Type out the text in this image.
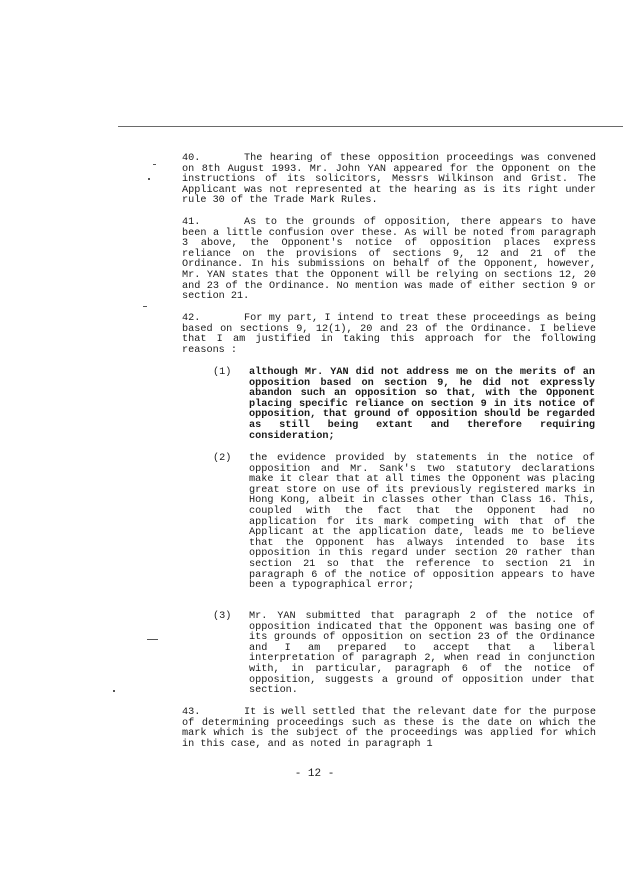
40.	The hearing of these opposition proceedings was convened on 8th August 1993. Mr. John YAN appeared for the Opponent on the instructions of its solicitors, Messrs Wilkinson and Grist. The Applicant was not represented at the hearing as is its right under rule 30 of the Trade Mark Rules.
41.	As to the grounds of opposition, there appears to have been a little confusion over these. As will be noted from paragraph 3 above, the Opponent's notice of opposition places express reliance on the provisions of sections 9, 12 and 21 of the Ordinance. In his submissions on behalf of the Opponent, however, Mr. YAN states that the Opponent will be relying on sections 12, 20 and 23 of the Ordinance. No mention was made of either section 9 or section 21.
42.	For my part, I intend to treat these proceedings as being based on sections 9, 12(1), 20 and 23 of the Ordinance. I believe that I am justified in taking this approach for the following reasons :
(1)	although Mr. YAN did not address me on the merits of an opposition based on section 9, he did not expressly abandon such an opposition so that, with the Opponent placing specific reliance on section 9 in its notice of opposition, that ground of opposition should be regarded as still being extant and therefore requiring consideration;
(2)	the evidence provided by statements in the notice of opposition and Mr. Sank's two statutory declarations make it clear that at all times the Opponent was placing great store on use of its previously registered marks in Hong Kong, albeit in classes other than Class 16. This, coupled with the fact that the Opponent had no application for its mark competing with that of the Applicant at the application date, leads me to believe that the Opponent has always intended to base its opposition in this regard under section 20 rather than section 21 so that the reference to section 21 in paragraph 6 of the notice of opposition appears to have been a typographical error;
(3)	Mr. YAN submitted that paragraph 2 of the notice of opposition indicated that the Opponent was basing one of its grounds of opposition on section 23 of the Ordinance and I am prepared to accept that a liberal interpretation of paragraph 2, when read in conjunction with, in particular, paragraph 6 of the notice of opposition, suggests a ground of opposition under that section.
43.	It is well settled that the relevant date for the purpose of determining proceedings such as these is the date on which the mark which is the subject of the proceedings was applied for which in this case, and as noted in paragraph 1
- 12 -
